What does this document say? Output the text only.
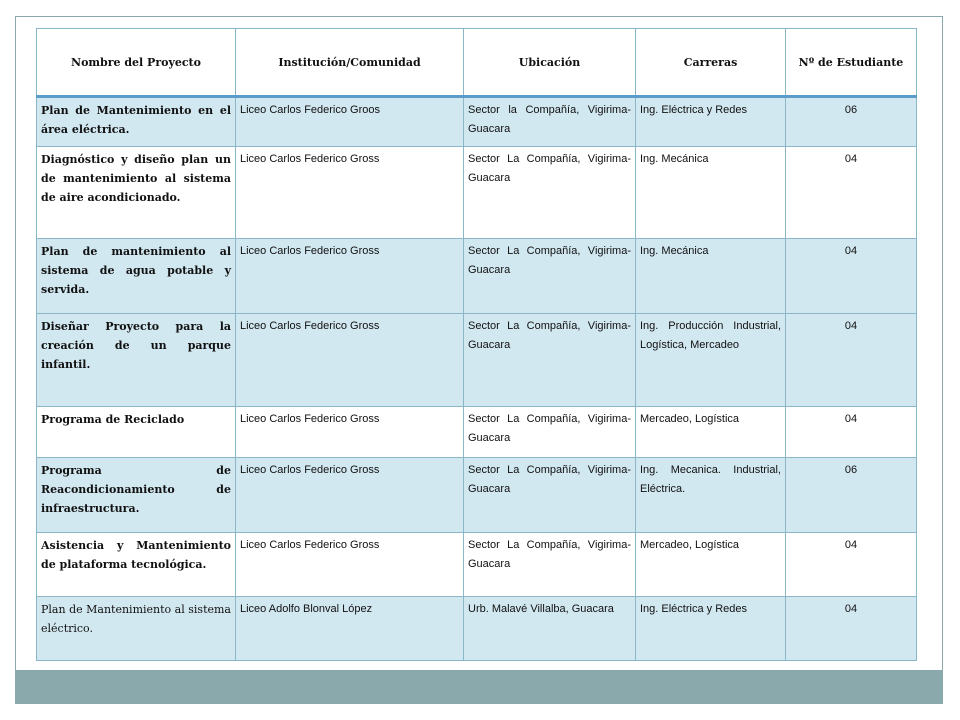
Nombre del Proyecto	Institución/Comunidad	Ubicación	Carreras	Nº de Estudiante
Plan de Mantenimiento en el área eléctrica.	Liceo Carlos Federico Groos	Sector la Compañía, Vigirima-Guacara	Ing. Eléctrica y Redes	06
Diagnóstico y diseño plan un de mantenimiento al sistema de aire acondicionado.	Liceo Carlos Federico Gross	Sector La Compañía, Vigirima-Guacara	Ing. Mecánica	04
Plan de mantenimiento al sistema de agua potable y servida.	Liceo Carlos Federico Gross	Sector La Compañía, Vigirima-Guacara	Ing. Mecánica	04
Diseñar Proyecto para la creación de un parque infantil.	Liceo Carlos Federico Gross	Sector La Compañía, Vigirima-Guacara	Ing. Producción Industrial, Logística, Mercadeo	04
Programa de Reciclado	Liceo Carlos Federico Gross	Sector La Compañía, Vigirima-Guacara	Mercadeo, Logística	04
Programa de Reacondicionamiento de infraestructura.	Liceo Carlos Federico Gross	Sector La Compañía, Vigirima-Guacara	Ing. Mecanica. Industrial, Eléctrica.	06
Asistencia y Mantenimiento de plataforma tecnológica.	Liceo Carlos Federico Gross	Sector La Compañía, Vigirima-Guacara	Mercadeo, Logística	04
Plan de Mantenimiento al sistema eléctrico.	Liceo Adolfo Blonval López	Urb. Malavé Villalba, Guacara	Ing. Eléctrica y Redes	04
